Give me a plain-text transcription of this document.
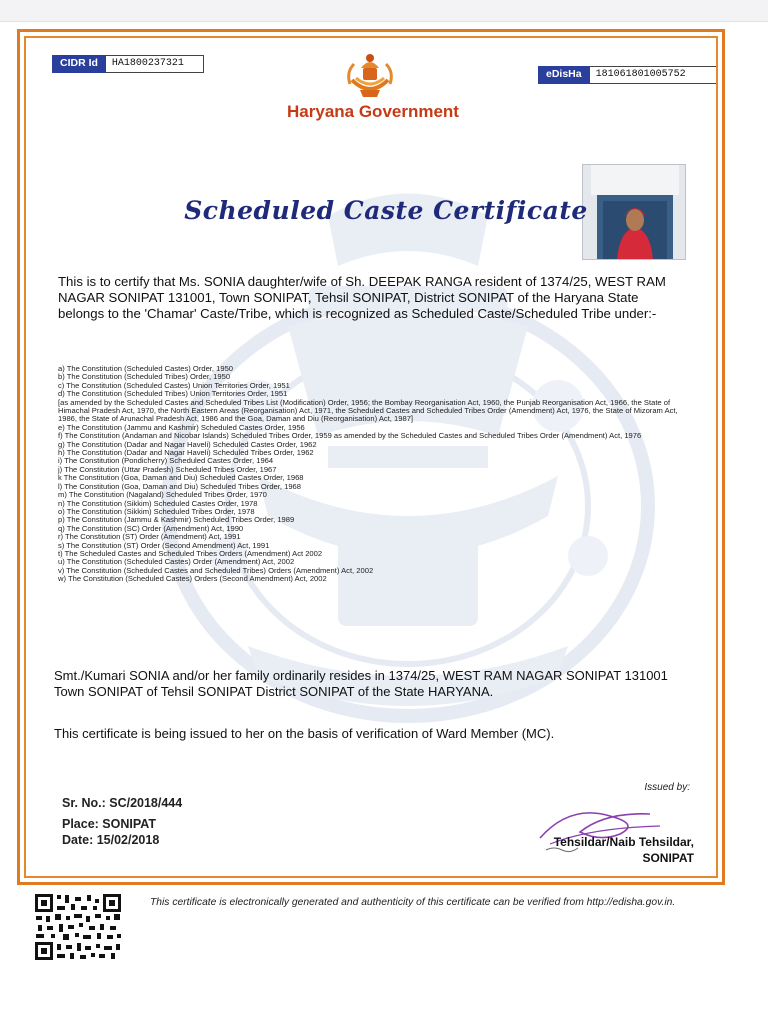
CIDR Id	HA1800237321
Haryana Government
eDisHa	181061801005752
Scheduled Caste Certificate
This is to certify that Ms. SONIA daughter/wife of Sh. DEEPAK RANGA resident of 1374/25, WEST RAM NAGAR SONIPAT 131001, Town SONIPAT, Tehsil SONIPAT, District SONIPAT of the Haryana State belongs to the 'Chamar' Caste/Tribe, which is recognized as Scheduled Caste/Scheduled Tribe under:-
a) The Constitution (Scheduled Castes) Order, 1950
b) The Constitution (Scheduled Tribes) Order, 1950
c) The Constitution (Scheduled Castes) Union Territories Order, 1951
d) The Constitution (Scheduled Tribes) Union Territories Order, 1951
[as amended by the Scheduled Castes and Scheduled Tribes List (Modification) Order, 1956; the Bombay Reorganisation Act, 1960, the Punjab Reorganisation Act, 1966, the State of Himachal Pradesh Act, 1970, the North Eastern Areas (Reorganisation) Act, 1971, the Scheduled Castes and Scheduled Tribes Order (Amendment) Act, 1976, the State of Mizoram Act, 1986, the State of Arunachal Pradesh Act, 1986 and the Goa, Daman and Diu (Reorganisation) Act, 1987]
e) The Constitution (Jammu and Kashmir) Scheduled Castes Order, 1956
f) The Constitution (Andaman and Nicobar Islands) Scheduled Tribes Order, 1959 as amended by the Scheduled Castes and Scheduled Tribes Order (Amendment) Act, 1976
g) The Constitution (Dadar and Nagar Haveli) Scheduled Castes Order, 1962
h) The Constitution (Dadar and Nagar Haveli) Scheduled Tribes Order, 1962
i) The Constitution (Pondicherry) Scheduled Castes Order, 1964
j) The Constitution (Uttar Pradesh) Scheduled Tribes Order, 1967
k The Constitution (Goa, Daman and Diu) Scheduled Castes Order, 1968
l) The Constitution (Goa, Daman and Diu) Scheduled Tribes Order, 1968
m) The Constitution (Nagaland) Scheduled Tribes Order, 1970
n) The Constitution (Sikkim) Scheduled Castes Order, 1978
o) The Constitution (Sikkim) Scheduled Tribes Order, 1978
p) The Constitution (Jammu & Kashmir) Scheduled Tribes Order, 1989
q) The Constitution (SC) Order (Amendment) Act, 1990
r) The Constitution (ST) Order (Amendment) Act, 1991
s) The Constitution (ST) Order (Second Amendment) Act, 1991
t) The Scheduled Castes and Scheduled Tribes Orders (Amendment) Act 2002
u) The Constitution (Scheduled Castes) Order (Amendment) Act, 2002
v) The Constitution (Scheduled Castes and Scheduled Tribes) Orders (Amendment) Act, 2002
w) The Constitution (Scheduled Castes) Orders (Second Amendment) Act, 2002
Smt./Kumari SONIA and/or her family ordinarily resides in 1374/25, WEST RAM NAGAR SONIPAT 131001 Town SONIPAT of Tehsil SONIPAT District SONIPAT of the State HARYANA.
This certificate is being issued to her on the basis of verification of Ward Member (MC).
Issued by:
Sr. No.: SC/2018/444
Place: SONIPAT
Date: 15/02/2018	Tehsildar/Naib Tehsildar,
SONIPAT
This certificate is electronically generated and authenticity of this certificate can be verified from http://edisha.gov.in.
